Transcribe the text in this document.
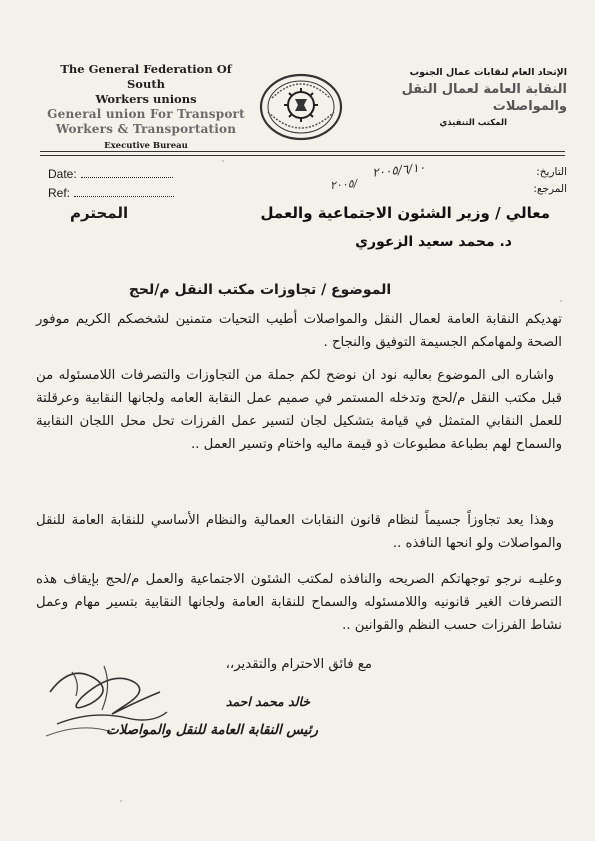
The General Federation Of South
Workers unions
General union For Transport
Workers & Transportation
Executive Bureau
الإتحاد العام لنقابات عمال الجنوب
النقابة العامة لعمال النقل والمواصلات
المكتب التنفيذي
Date:
Ref:
التاريخ:
المرجع:
٢٠٠٥/٦/١٠
٢٠٠٥/
معالي / وزير الشئون الاجتماعية والعمل
المحترم
د. محمد سعيد الزعوري
الموضوع / تجاوزات مكتب النقل م/لحج

تهديكم النقابة العامة لعمال النقل والمواصلات أطيب التحيات متمنين لشخصكم الكريم موفور الصحة ولمهامكم الجسيمة التوفيق والنجاح .

واشاره الى الموضوع بعاليه نود ان نوضح لكم جملة من التجاوزات والتصرفات اللامسئوله من قبل مكتب النقل م/لحج وتدخله المستمر في صميم عمل النقابة العامه ولجانها النقابية وعرقلتة للعمل النقابي المتمثل في قيامة بتشكيل لجان لتسير عمل الفرزات تحل محل اللجان النقابية والسماح لهم بطباعة مطبوعات ذو قيمة ماليه واختام وتسير العمل ..

وهذا يعد تجاوزاً جسيماً لنظام قانون النقابات العمالية والنظام الأساسي للنقابة العامة للنقل والمواصلات ولو انحها النافذه ..

وعليـه نرجو توجهاتكم الصريحه والنافذه لمكتب الشئون الاجتماعية والعمل م/لحج بإيقاف هذه التصرفات الغير قانونيه واللامسئوله والسماح للنقابة العامة ولجانها النقابية بتسير مهام وعمل نشاط الفرزات حسب النظم والقوانين ..

مع فائق الاحترام والتقدير،،

خالد محمد احمد
رئيس النقابة العامة للنقل والمواصلات
